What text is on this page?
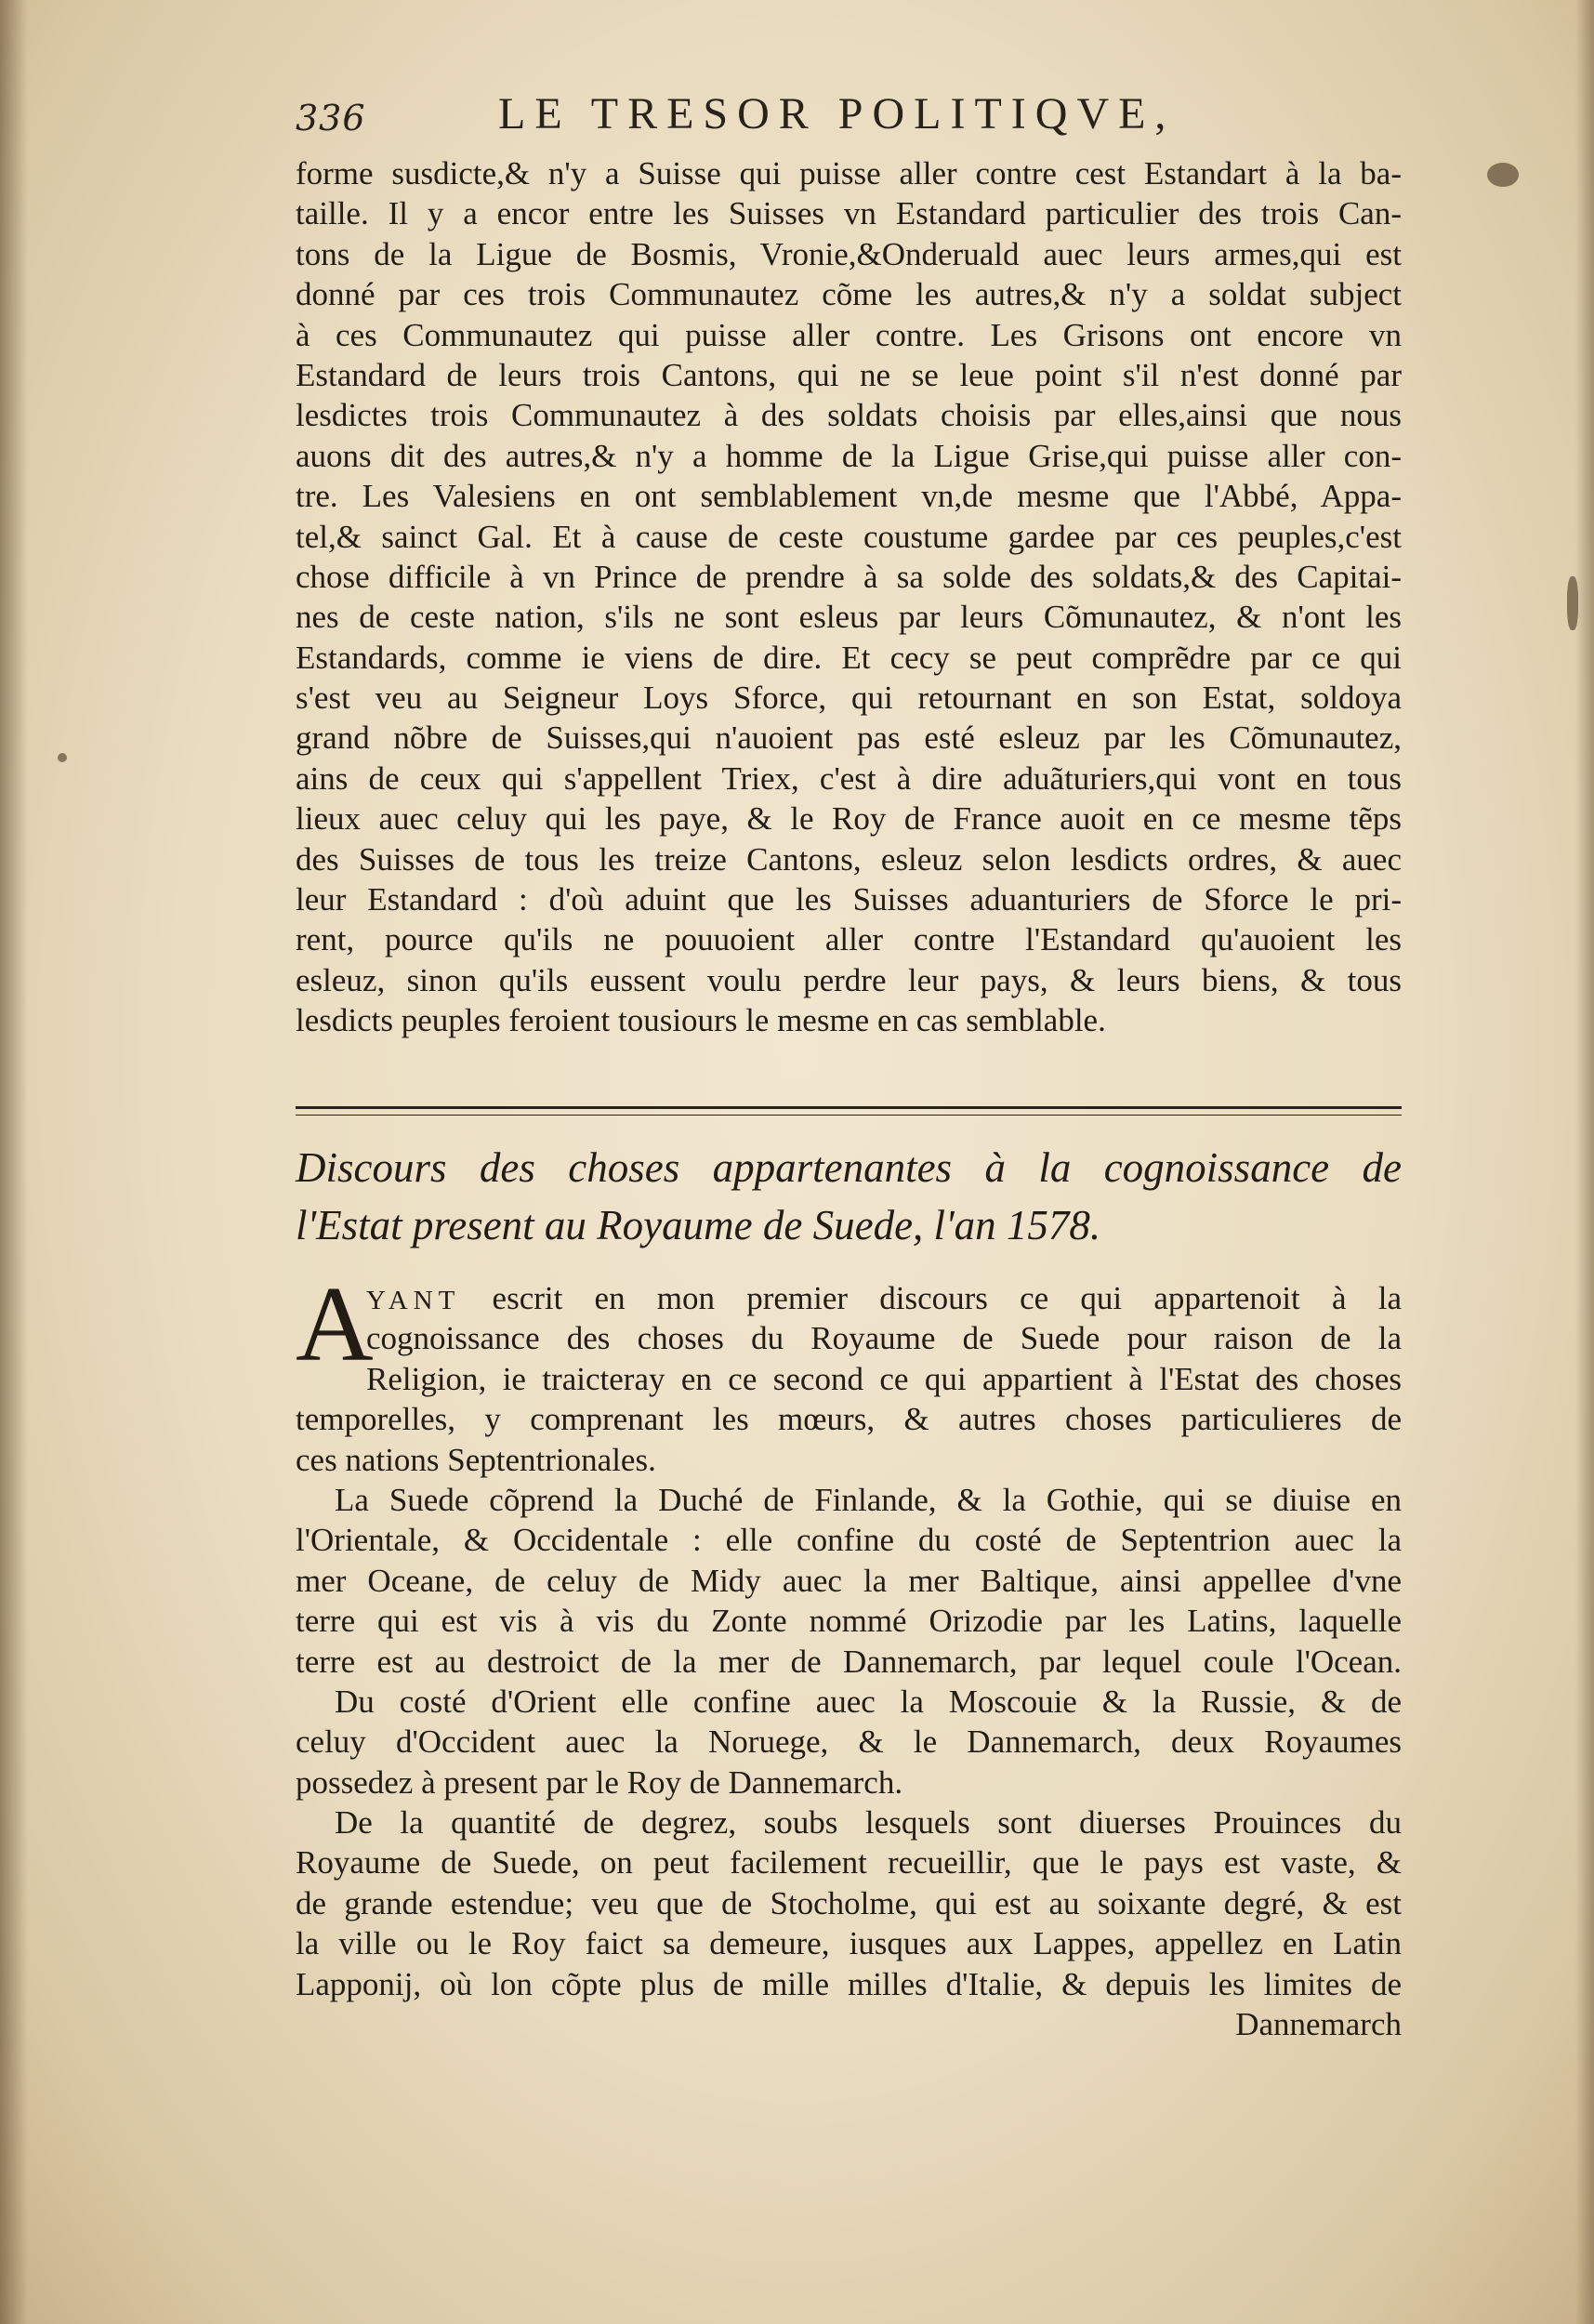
336	LE TRESOR POLITIQVE,
forme susdicte,& n'y a Suisse qui puisse aller contre cest Estandart à la ba-
taille. Il y a encor entre les Suisses vn Estandard particulier des trois Can-
tons de la Ligue de Bosmis, Vronie,&Onderuald auec leurs armes,qui est
donné par ces trois Communautez cõme les autres,& n'y a soldat subject
à ces Communautez qui puisse aller contre. Les Grisons ont encore vn
Estandard de leurs trois Cantons, qui ne se leue point s'il n'est donné par
lesdictes trois Communautez à des soldats choisis par elles,ainsi que nous
auons dit des autres,& n'y a homme de la Ligue Grise,qui puisse aller con-
tre. Les Valesiens en ont semblablement vn,de mesme que l'Abbé, Appa-
tel,& sainct Gal. Et à cause de ceste coustume gardee par ces peuples,c'est
chose difficile à vn Prince de prendre à sa solde des soldats,& des Capitai-
nes de ceste nation, s'ils ne sont esleus par leurs Cõmunautez, & n'ont les
Estandards, comme ie viens de dire. Et cecy se peut comprẽdre par ce qui
s'est veu au Seigneur Loys Sforce, qui retournant en son Estat, soldoya
grand nõbre de Suisses,qui n'auoient pas esté esleuz par les Cõmunautez,
ains de ceux qui s'appellent Triex, c'est à dire aduãturiers,qui vont en tous
lieux auec celuy qui les paye, & le Roy de France auoit en ce mesme tẽps
des Suisses de tous les treize Cantons, esleuz selon lesdicts ordres, & auec
leur Estandard : d'où aduint que les Suisses aduanturiers de Sforce le pri-
rent, pource qu'ils ne pouuoient aller contre l'Estandard qu'auoient les
esleuz, sinon qu'ils eussent voulu perdre leur pays, & leurs biens, & tous
lesdicts peuples feroient tousiours le mesme en cas semblable.
Discours des choses appartenantes à la cognoissance de
l'Estat present au Royaume de Suede, l'an 1578.
A
YANT escrit en mon premier discours ce qui appartenoit à la
cognoissance des choses du Royaume de Suede pour raison de la
Religion, ie traicteray en ce second ce qui appartient à l'Estat des choses
temporelles, y comprenant les mœurs, & autres choses particulieres de
ces nations Septentrionales.
La Suede cõprend la Duché de Finlande, & la Gothie, qui se diuise en
l'Orientale, & Occidentale : elle confine du costé de Septentrion auec la
mer Oceane, de celuy de Midy auec la mer Baltique, ainsi appellee d'vne
terre qui est vis à vis du Zonte nommé Orizodie par les Latins, laquelle
terre est au destroict de la mer de Dannemarch, par lequel coule l'Ocean.
Du costé d'Orient elle confine auec la Moscouie & la Russie, & de
celuy d'Occident auec la Noruege, & le Dannemarch, deux Royaumes
possedez à present par le Roy de Dannemarch.
De la quantité de degrez, soubs lesquels sont diuerses Prouinces du
Royaume de Suede, on peut facilement recueillir, que le pays est vaste, &
de grande estendue; veu que de Stocholme, qui est au soixante degré, & est
la ville ou le Roy faict sa demeure, iusques aux Lappes, appellez en Latin
Lapponij, où lon cõpte plus de mille milles d'Italie, & depuis les limites de
Dannemarch
